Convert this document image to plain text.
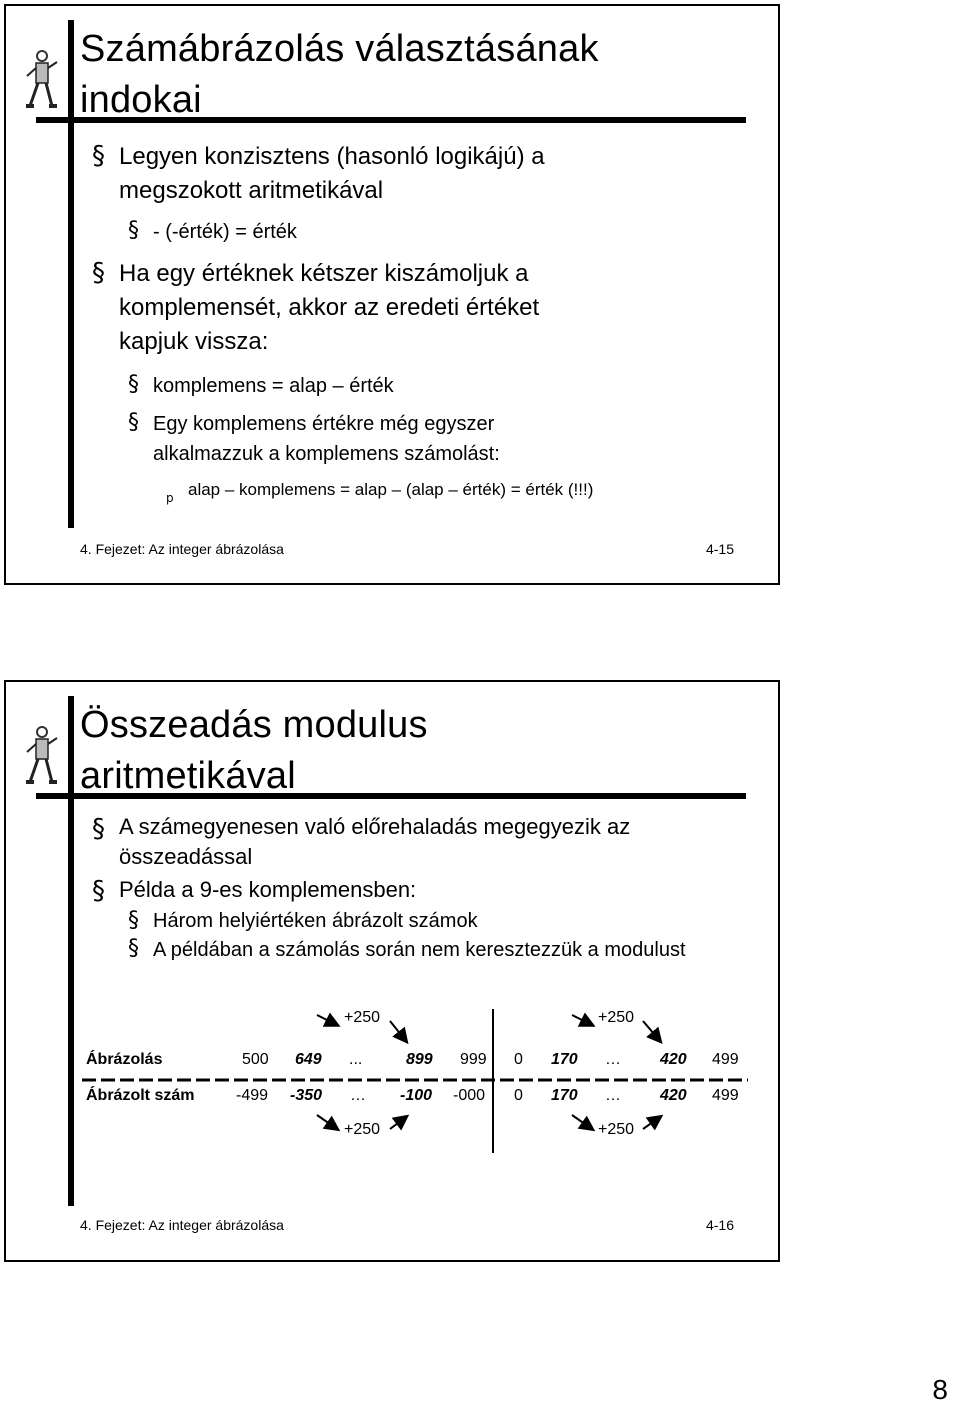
Számábrázolás választásának
indokai
§ Legyen konzisztens (hasonló logikájú) a
megszokott aritmetikával
§ - (-érték) = érték
§ Ha egy értéknek kétszer kiszámoljuk a
komplemensét, akkor az eredeti értéket
kapjuk vissza:
§ komplemens = alap – érték
§ Egy komplemens értékre még egyszer
alkalmazzuk a komplemens számolást:
p alap – komplemens = alap – (alap – érték) = érték (!!!)
4. Fejezet: Az integer ábrázolása	4-15
Összeadás modulus
aritmetikával
§ A számegyenesen való előrehaladás megegyezik az
összeadással
§ Példa a 9-es komplemensben:
§ Három helyiértéken ábrázolt számok
§ A példában a számolás során nem keresztezzük a modulust
+250	+250
+250	+250
Ábrázolás	500 649 ...	899 999 0 170 … 420 499
Ábrázolt szám	-499 -350 … -100 -000 0 170 … 420 499
4. Fejezet: Az integer ábrázolása	4-16
8
